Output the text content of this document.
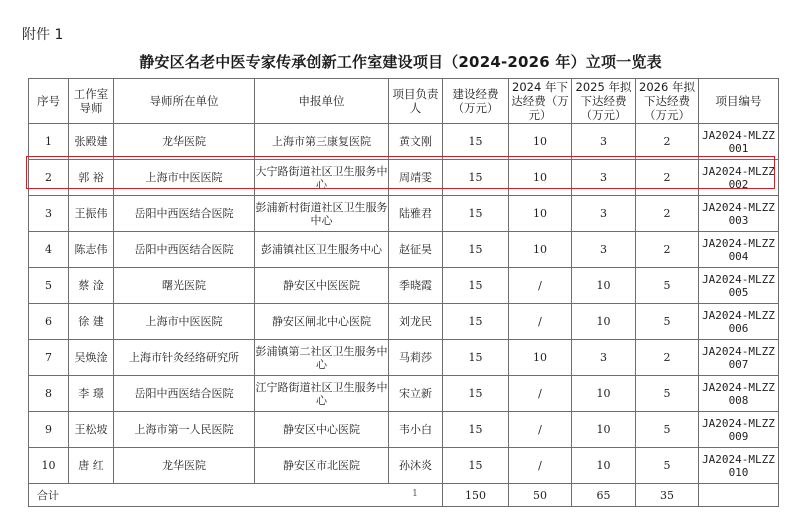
附件 1
静安区名老中医专家传承创新工作室建设项目（2024-2026 年）立项一览表
序号	工作室导师	导师所在单位	申报单位	项目负责人	建设经费（万元）	2024 年下达经费（万元）	2025 年拟下达经费（万元）	2026 年拟下达经费（万元）	项目编号
1	张殿建	龙华医院	上海市第三康复医院	黄文刚	15	10	3	2	JA2024-MLZZ 001
2	郭 裕	上海市中医医院	大宁路街道社区卫生服务中心	周靖雯	15	10	3	2	JA2024-MLZZ 002
3	王振伟	岳阳中西医结合医院	彭浦新村街道社区卫生服务中心	陆雅君	15	10	3	2	JA2024-MLZZ 003
4	陈志伟	岳阳中西医结合医院	彭浦镇社区卫生服务中心	赵征昊	15	10	3	2	JA2024-MLZZ 004
5	蔡 淦	曙光医院	静安区中医医院	季晓霞	15	/	10	5	JA2024-MLZZ 005
6	徐 建	上海市中医医院	静安区闸北中心医院	刘龙民	15	/	10	5	JA2024-MLZZ 006
7	吴焕淦	上海市针灸经络研究所	彭浦镇第二社区卫生服务中心	马莉莎	15	10	3	2	JA2024-MLZZ 007
8	李 璟	岳阳中西医结合医院	江宁路街道社区卫生服务中心	宋立新	15	/	10	5	JA2024-MLZZ 008
9	王松坡	上海市第一人民医院	静安区中心医院	韦小白	15	/	10	5	JA2024-MLZZ 009
10	唐 红	龙华医院	静安区市北医院	孙沐炎	15	/	10	5	JA2024-MLZZ 010
合计					150	50	65	35	
1
